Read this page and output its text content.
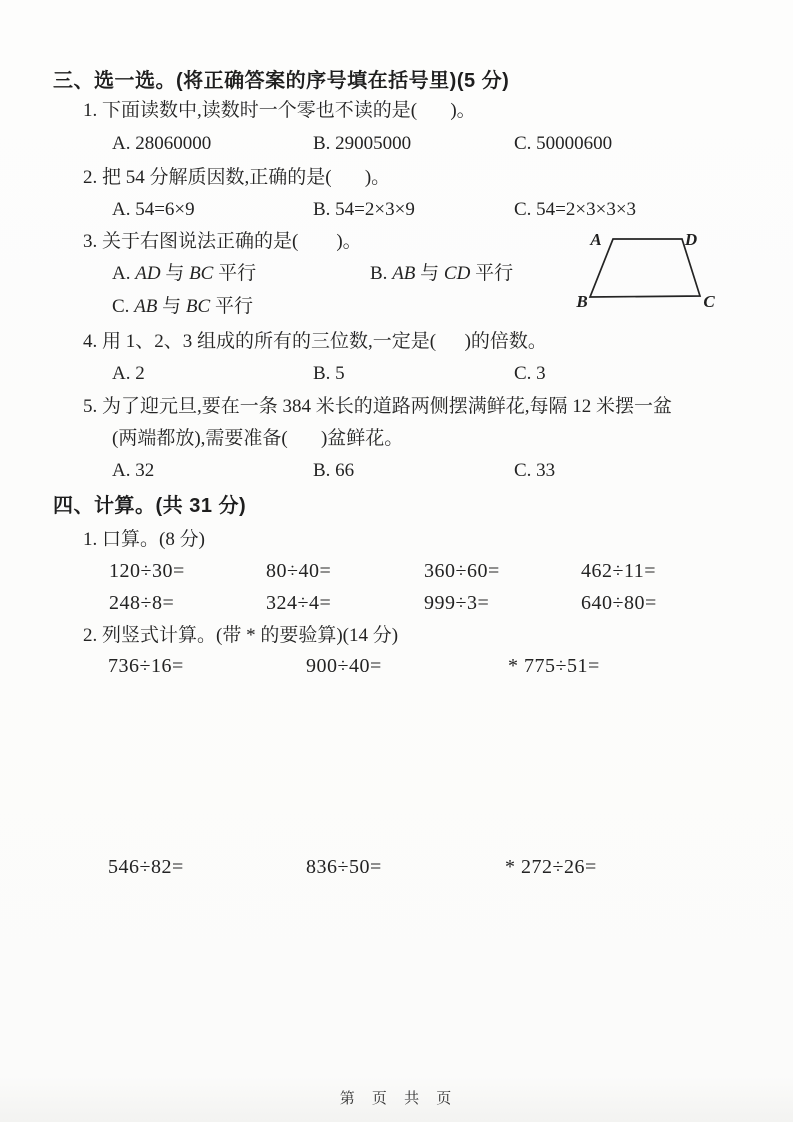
三、选一选。(将正确答案的序号填在括号里)(5 分)
1. 下面读数中,读数时一个零也不读的是(       )。
A. 28060000	B. 29005000	C. 50000600
2. 把 54 分解质因数,正确的是(       )。
A. 54=6×9	B. 54=2×3×9	C. 54=2×3×3×3
3. 关于右图说法正确的是(        )。
A. AD 与 BC 平行	B. AB 与 CD 平行
C. AB 与 BC 平行
A	D
B	C
4. 用 1、2、3 组成的所有的三位数,一定是(      )的倍数。
A. 2	B. 5	C. 3
5. 为了迎元旦,要在一条 384 米长的道路两侧摆满鲜花,每隔 12 米摆一盆
(两端都放),需要准备(       )盆鲜花。
A. 32	B. 66	C. 33
四、计算。(共 31 分)
1. 口算。(8 分)
120÷30=	80÷40=	360÷60=	462÷11=
248÷8=	324÷4=	999÷3=	640÷80=
2. 列竖式计算。(带 * 的要验算)(14 分)
736÷16=	900÷40=	* 775÷51=
546÷82=	836÷50=	* 272÷26=
第 页 共 页
